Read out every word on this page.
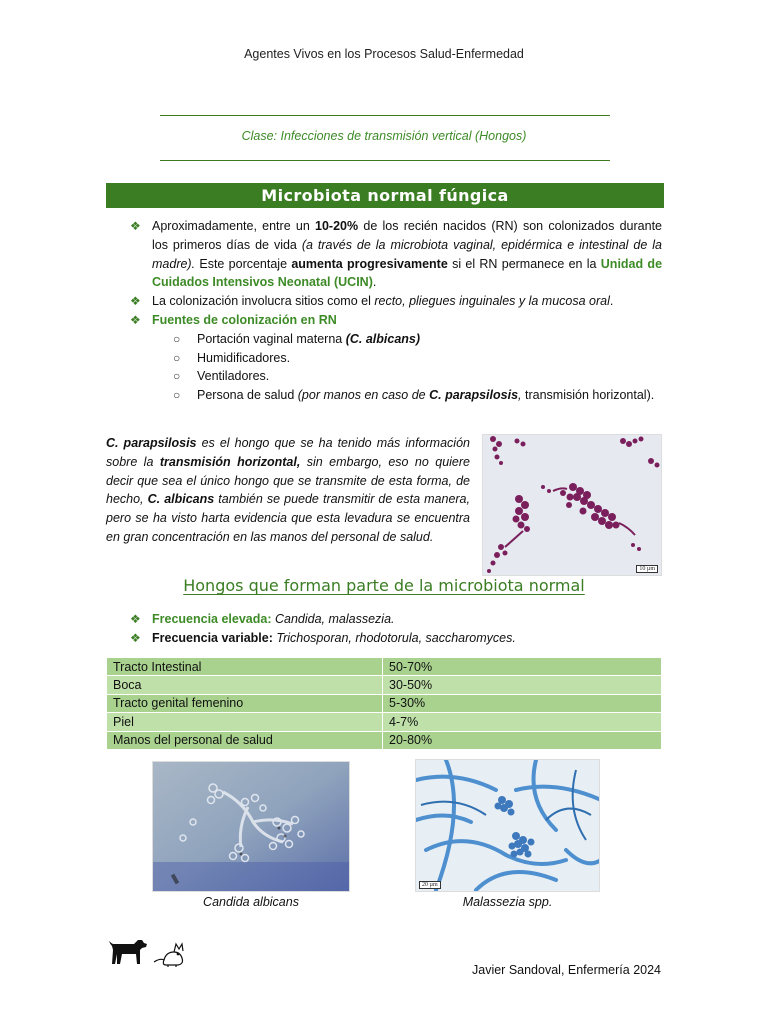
Agentes Vivos en los Procesos Salud-Enfermedad
Clase: Infecciones de transmisión vertical (Hongos)
Microbiota normal fúngica
❖ Aproximadamente, entre un 10-20% de los recién nacidos (RN) son colonizados durante los primeros días de vida (a través de la microbiota vaginal, epidérmica e intestinal de la madre). Este porcentaje aumenta progresivamente si el RN permanece en la Unidad de Cuidados Intensivos Neonatal (UCIN).
❖ La colonización involucra sitios como el recto, pliegues inguinales y la mucosa oral.
❖ Fuentes de colonización en RN
○ Portación vaginal materna (C. albicans)
○ Humidificadores.
○ Ventiladores.
○ Persona de salud (por manos en caso de C. parapsilosis, transmisión horizontal).
C. parapsilosis es el hongo que se ha tenido más información sobre la transmisión horizontal, sin embargo, eso no quiere decir que sea el único hongo que se transmite de esta forma, de hecho, C. albicans también se puede transmitir de esta manera, pero se ha visto harta evidencia que esta levadura se encuentra en gran concentración en las manos del personal de salud.
10 µm
Hongos que forman parte de la microbiota normal
❖ Frecuencia elevada: Candida, malassezia.
❖ Frecuencia variable: Trichosporan, rhodotorula, saccharomyces.
Tracto Intestinal	50-70%
Boca	30-50%
Tracto genital femenino	5-30%
Piel	4-7%
Manos del personal de salud	20-80%
20 µm
Candida albicans	Malassezia spp.
Javier Sandoval, Enfermería 2024
